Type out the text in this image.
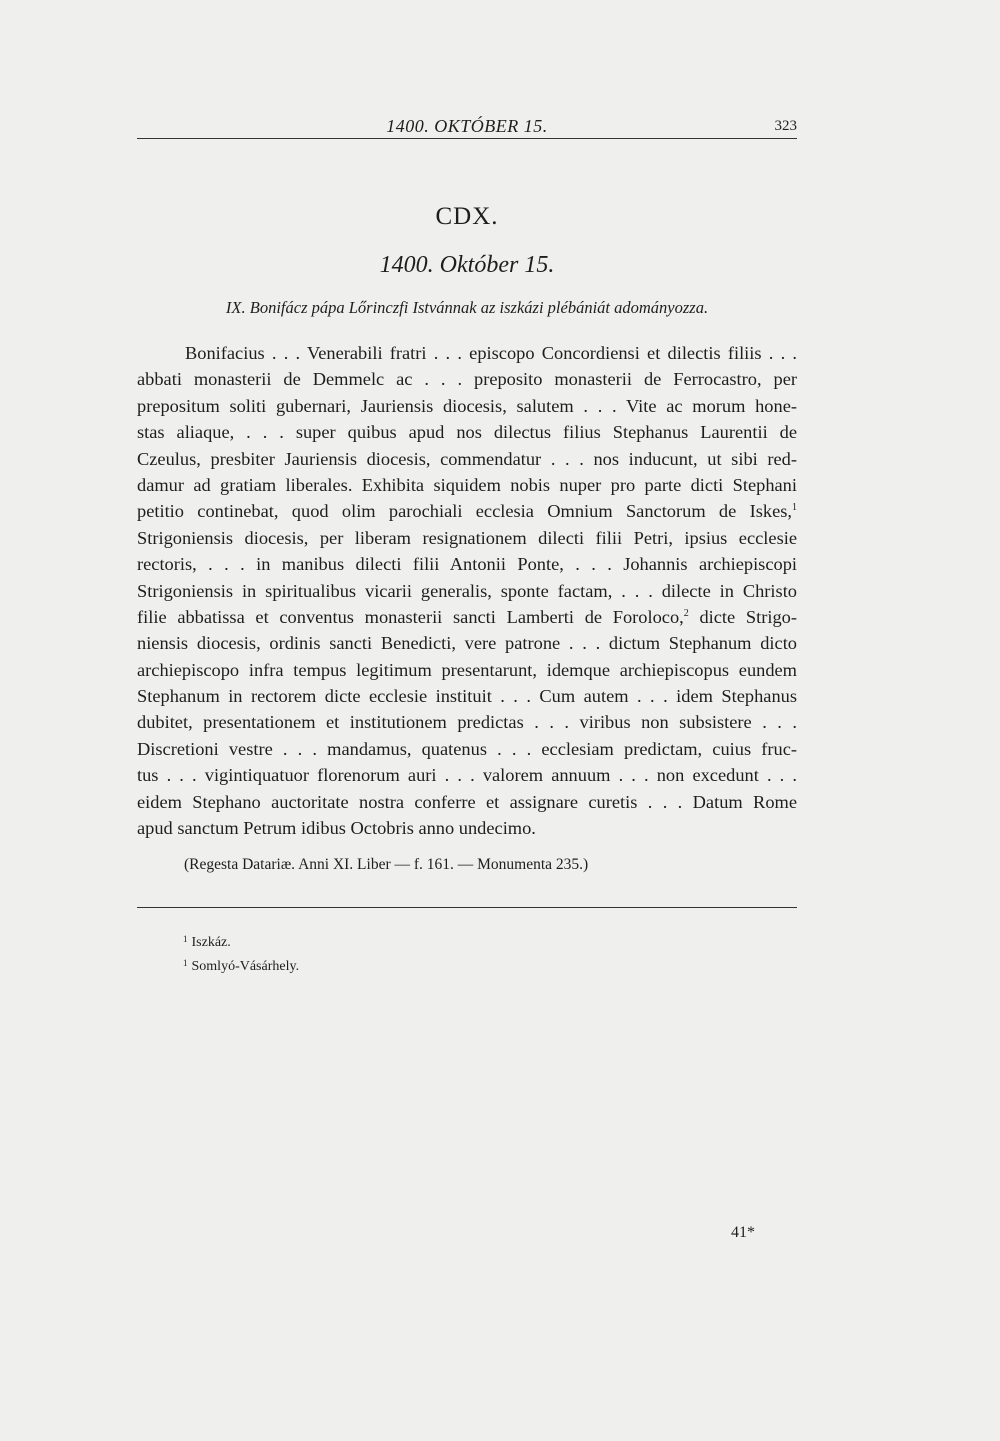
1400. OKTÓBER 15.	323
CDX.
1400. Október 15.
IX. Bonifácz pápa Lőrinczfi Istvánnak az iszkázi plébániát adományozza.
Bonifacius . . . Venerabili fratri . . . episcopo Concordiensi et dilectis filiis . . .
abbati monasterii de Demmelc ac . . . preposito monasterii de Ferrocastro, per
prepositum soliti gubernari, Jauriensis diocesis, salutem . . . Vite ac morum hone-
stas aliaque, . . . super quibus apud nos dilectus filius Stephanus Laurentii de
Czeulus, presbiter Jauriensis diocesis, commendatur . . . nos inducunt, ut sibi red-
damur ad gratiam liberales. Exhibita siquidem nobis nuper pro parte dicti Stephani
petitio continebat, quod olim parochiali ecclesia Omnium Sanctorum de Iskes,$^1$
Strigoniensis diocesis, per liberam resignationem dilecti filii Petri, ipsius ecclesie
rectoris, . . . in manibus dilecti filii Antonii Ponte, . . . Johannis archiepiscopi
Strigoniensis in spiritualibus vicarii generalis, sponte factam, . . . dilecte in Christo
filie abbatissa et conventus monasterii sancti Lamberti de Foroloco,$^2$ dicte Strigo-
niensis diocesis, ordinis sancti Benedicti, vere patrone . . . dictum Stephanum dicto
archiepiscopo infra tempus legitimum presentarunt, idemque archiepiscopus eundem
Stephanum in rectorem dicte ecclesie instituit . . . Cum autem . . . idem Stephanus
dubitet, presentationem et institutionem predictas . . . viribus non subsistere . . .
Discretioni vestre . . . mandamus, quatenus . . . ecclesiam predictam, cuius fruc-
tus . . . vigintiquatuor florenorum auri . . . valorem annuum . . . non excedunt . . .
eidem Stephano auctoritate nostra conferre et assignare curetis . . . Datum Rome
apud sanctum Petrum idibus Octobris anno undecimo.
(Regesta Datariæ. Anni XI. Liber — f. 161. — Monumenta 235.)
$^1$ Iszkáz.
$^1$ Somlyó-Vásárhely.
41*
